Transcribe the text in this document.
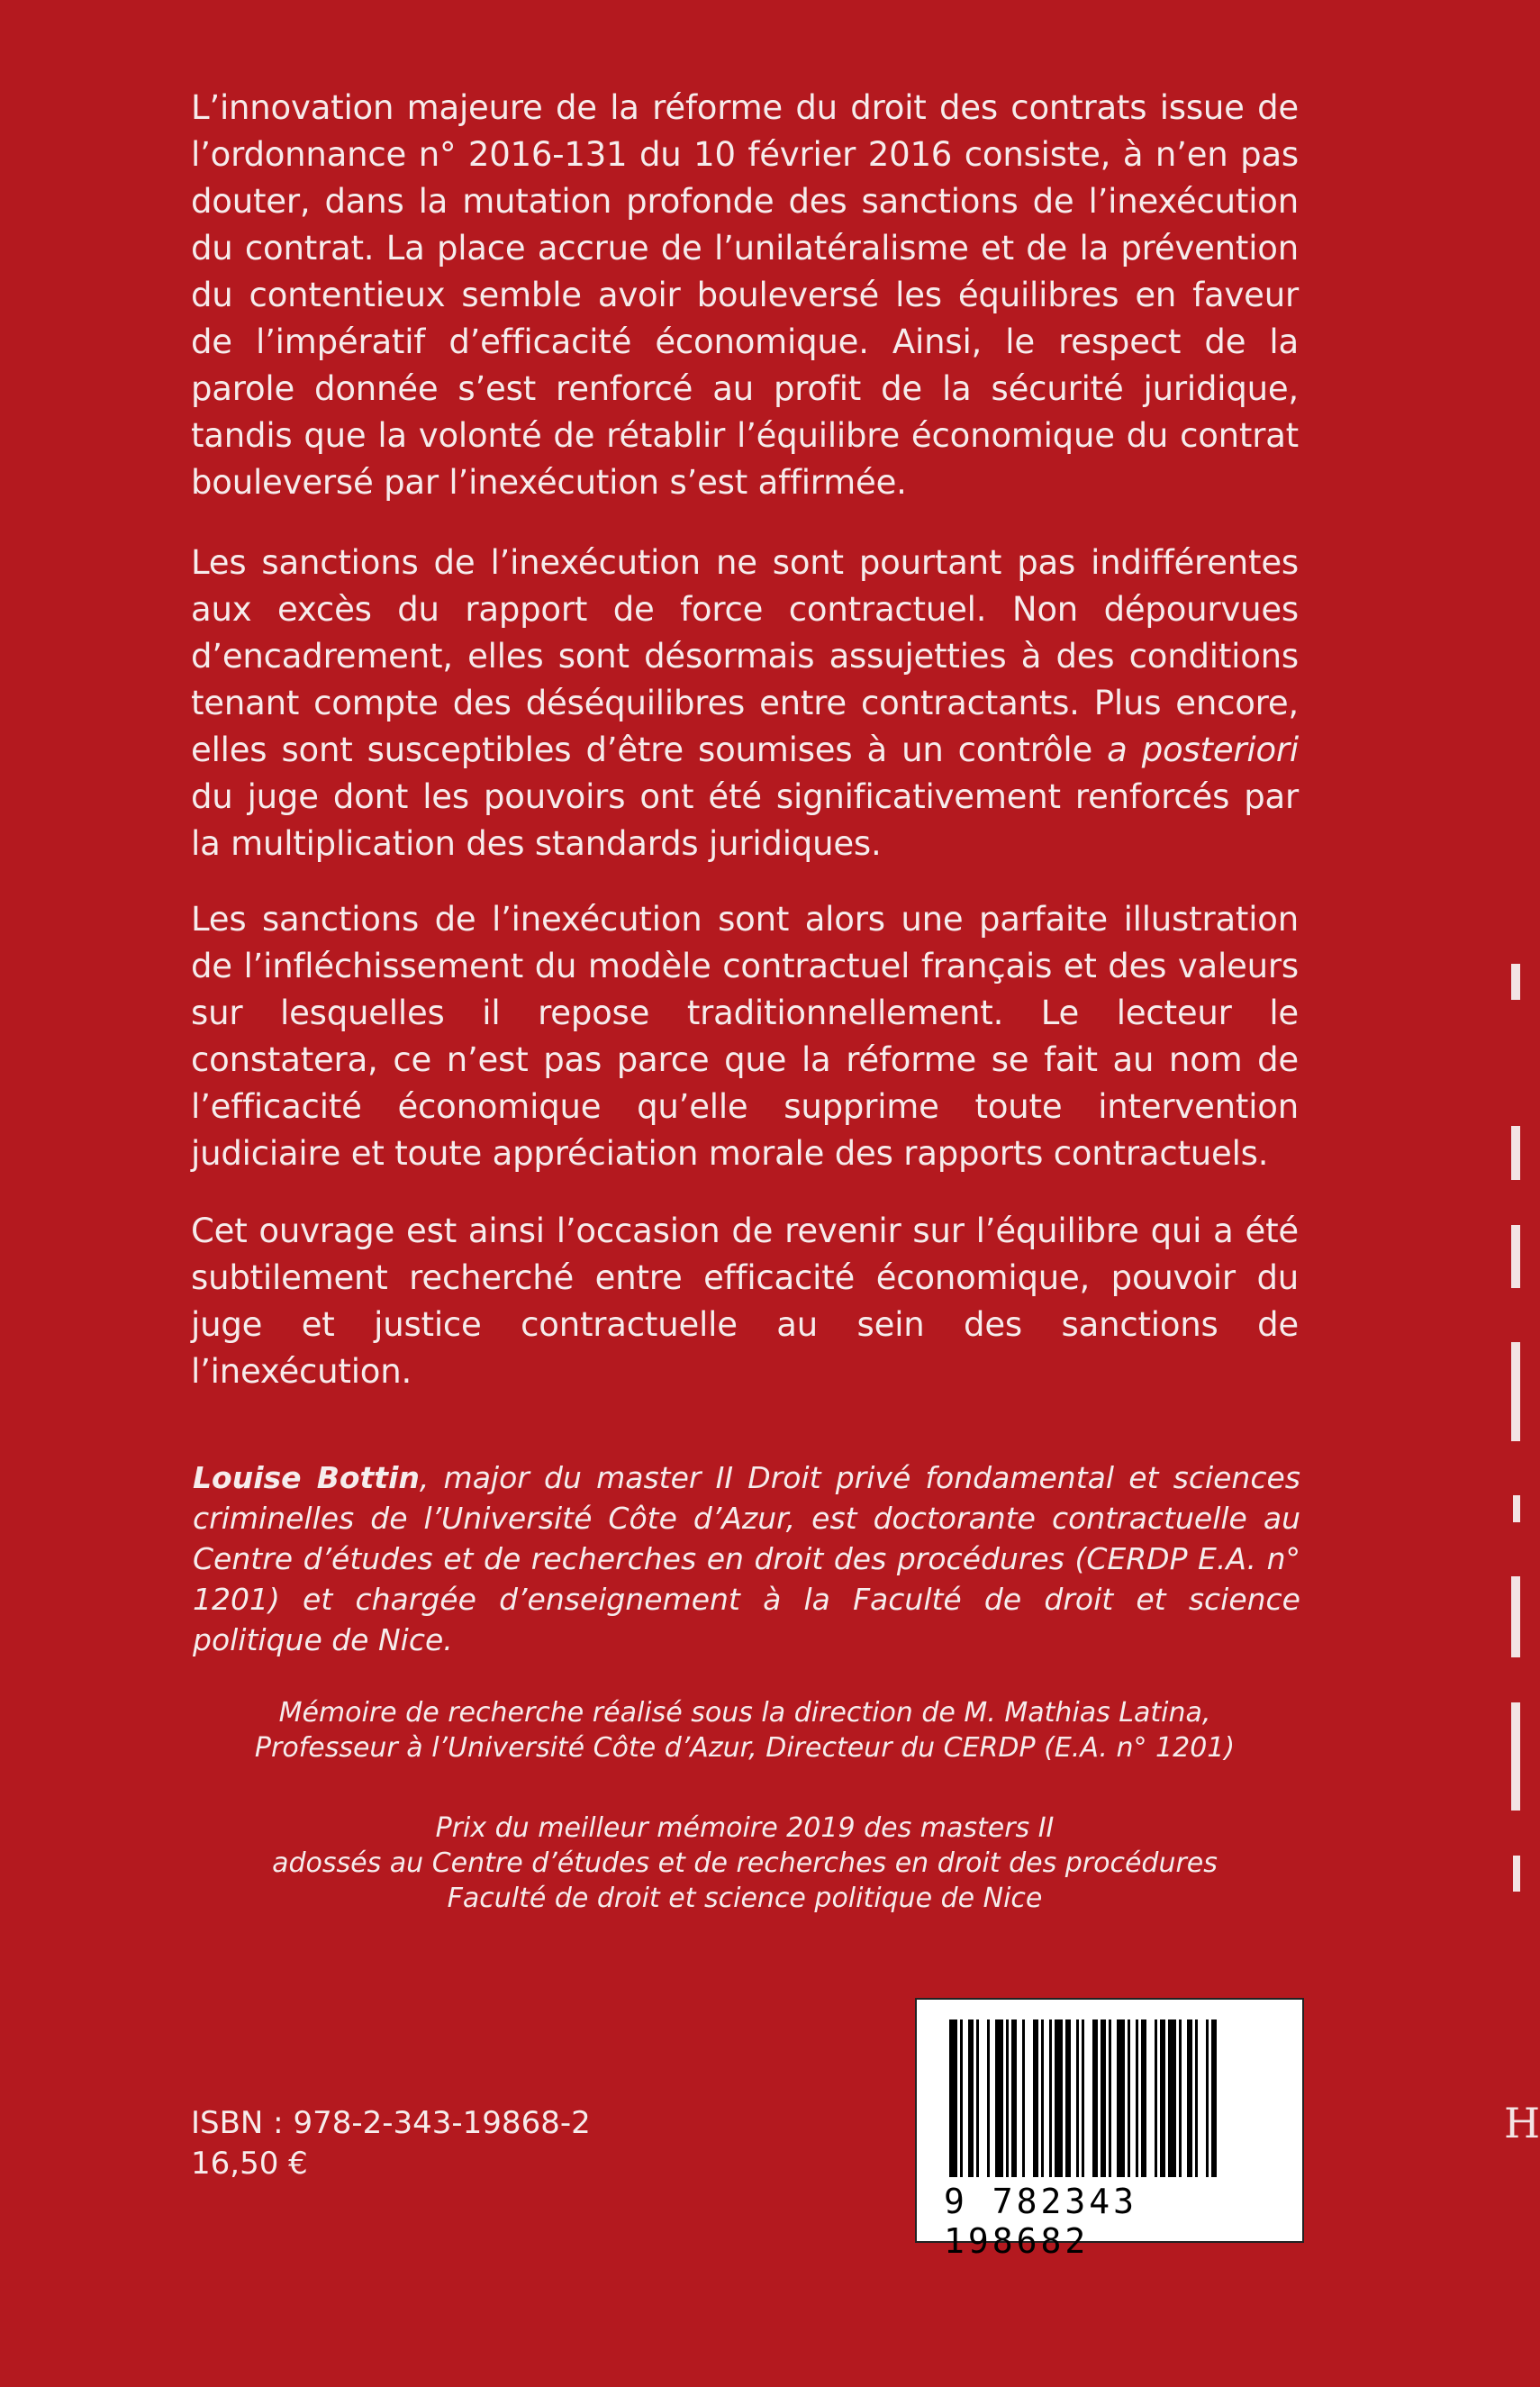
L’innovation majeure de la réforme du droit des contrats issue de l’ordonnance n° 2016-131 du 10 février 2016 consiste, à n’en pas douter, dans la mutation profonde des sanctions de l’inexécution du contrat. La place accrue de l’unilatéralisme et de la prévention du contentieux semble avoir bouleversé les équilibres en faveur de l’impératif d’efficacité économique. Ainsi, le respect de la parole donnée s’est renforcé au profit de la sécurité juridique, tandis que la volonté de rétablir l’équilibre économique du contrat bouleversé par l’inexécution s’est affirmée.

Les sanctions de l’inexécution ne sont pourtant pas indifférentes aux excès du rapport de force contractuel. Non dépourvues d’encadrement, elles sont désormais assujetties à des conditions tenant compte des déséquilibres entre contractants. Plus encore, elles sont susceptibles d’être soumises à un contrôle a posteriori du juge dont les pouvoirs ont été significativement renforcés par la multiplication des standards juridiques.

Les sanctions de l’inexécution sont alors une parfaite illustration de l’infléchissement du modèle contractuel français et des valeurs sur lesquelles il repose traditionnellement. Le lecteur le constatera, ce n’est pas parce que la réforme se fait au nom de l’efficacité économique qu’elle supprime toute intervention judiciaire et toute appréciation morale des rapports contractuels.

Cet ouvrage est ainsi l’occasion de revenir sur l’équilibre qui a été subtilement recherché entre efficacité économique, pouvoir du juge et justice contractuelle au sein des sanctions de l’inexécution.

Louise Bottin, major du master II Droit privé fondamental et sciences criminelles de l’Université Côte d’Azur, est doctorante contractuelle au Centre d’études et de recherches en droit des procédures (CERDP E.A. n° 1201) et chargée d’enseignement à la Faculté de droit et science politique de Nice.

Mémoire de recherche réalisé sous la direction de M. Mathias Latina,
Professeur à l’Université Côte d’Azur, Directeur du CERDP (E.A. n° 1201)

Prix du meilleur mémoire 2019 des masters II
adossés au Centre d’études et de recherches en droit des procédures
Faculté de droit et science politique de Nice

ISBN : 978-2-343-19868-2
16,50 €
9 782343 198682
H
